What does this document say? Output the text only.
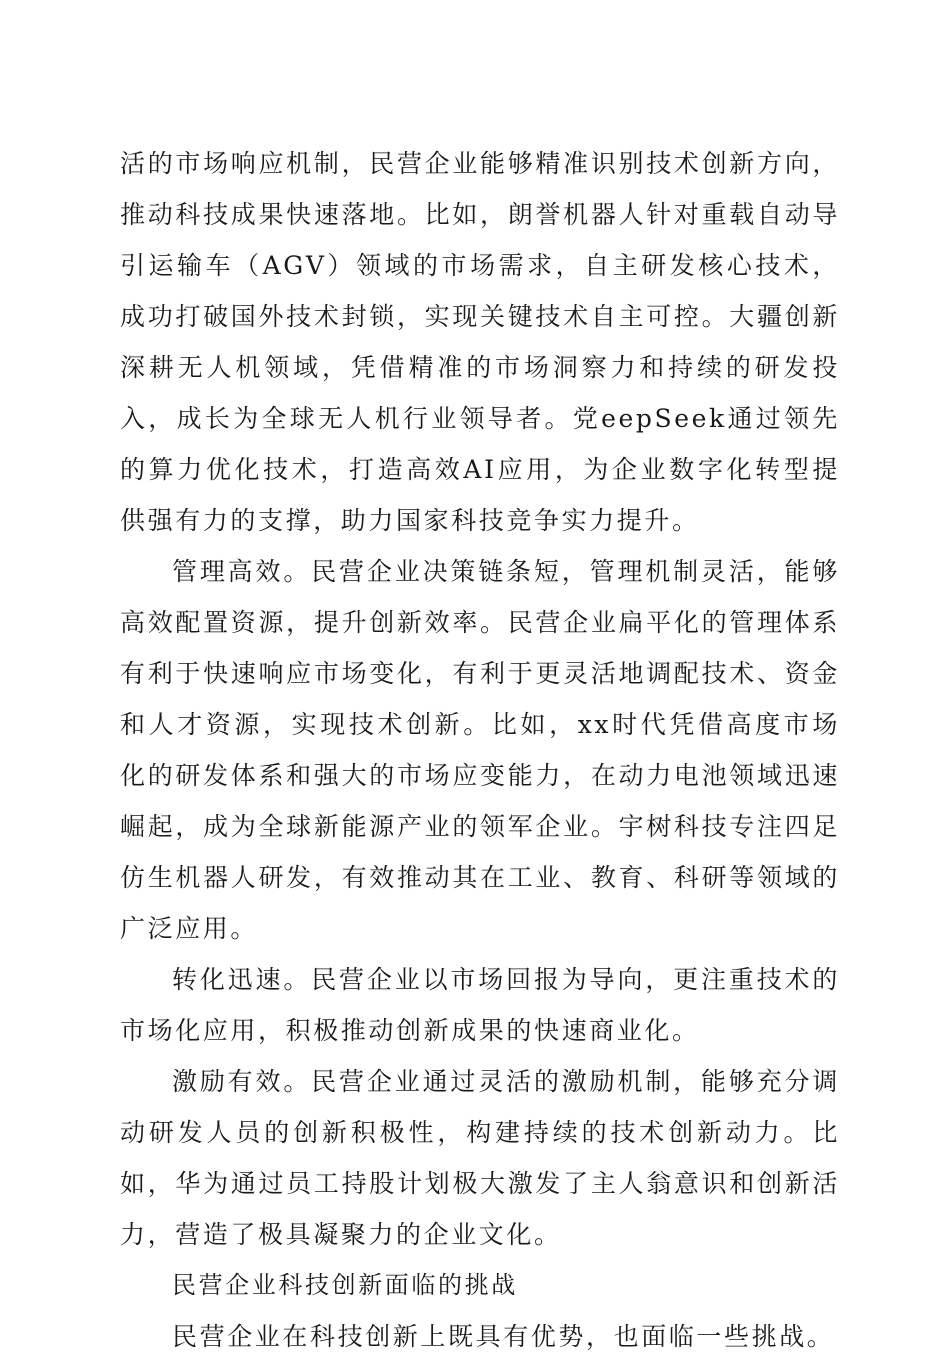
活的市场响应机制，民营企业能够精准识别技术创新方向，推动科技成果快速落地。比如，朗誉机器人针对重载自动导引运输车（AGV）领域的市场需求，自主研发核心技术，成功打破国外技术封锁，实现关键技术自主可控。大疆创新深耕无人机领域，凭借精准的市场洞察力和持续的研发投入，成长为全球无人机行业领导者。党eepSeek通过领先的算力优化技术，打造高效AI应用，为企业数字化转型提供强有力的支撑，助力国家科技竞争实力提升。

管理高效。民营企业决策链条短，管理机制灵活，能够高效配置资源，提升创新效率。民营企业扁平化的管理体系有利于快速响应市场变化，有利于更灵活地调配技术、资金和人才资源，实现技术创新。比如，xx时代凭借高度市场化的研发体系和强大的市场应变能力，在动力电池领域迅速崛起，成为全球新能源产业的领军企业。宇树科技专注四足仿生机器人研发，有效推动其在工业、教育、科研等领域的广泛应用。

转化迅速。民营企业以市场回报为导向，更注重技术的市场化应用，积极推动创新成果的快速商业化。

激励有效。民营企业通过灵活的激励机制，能够充分调动研发人员的创新积极性，构建持续的技术创新动力。比如，华为通过员工持股计划极大激发了主人翁意识和创新活力，营造了极具凝聚力的企业文化。

民营企业科技创新面临的挑战

民营企业在科技创新上既具有优势，也面临一些挑战。
